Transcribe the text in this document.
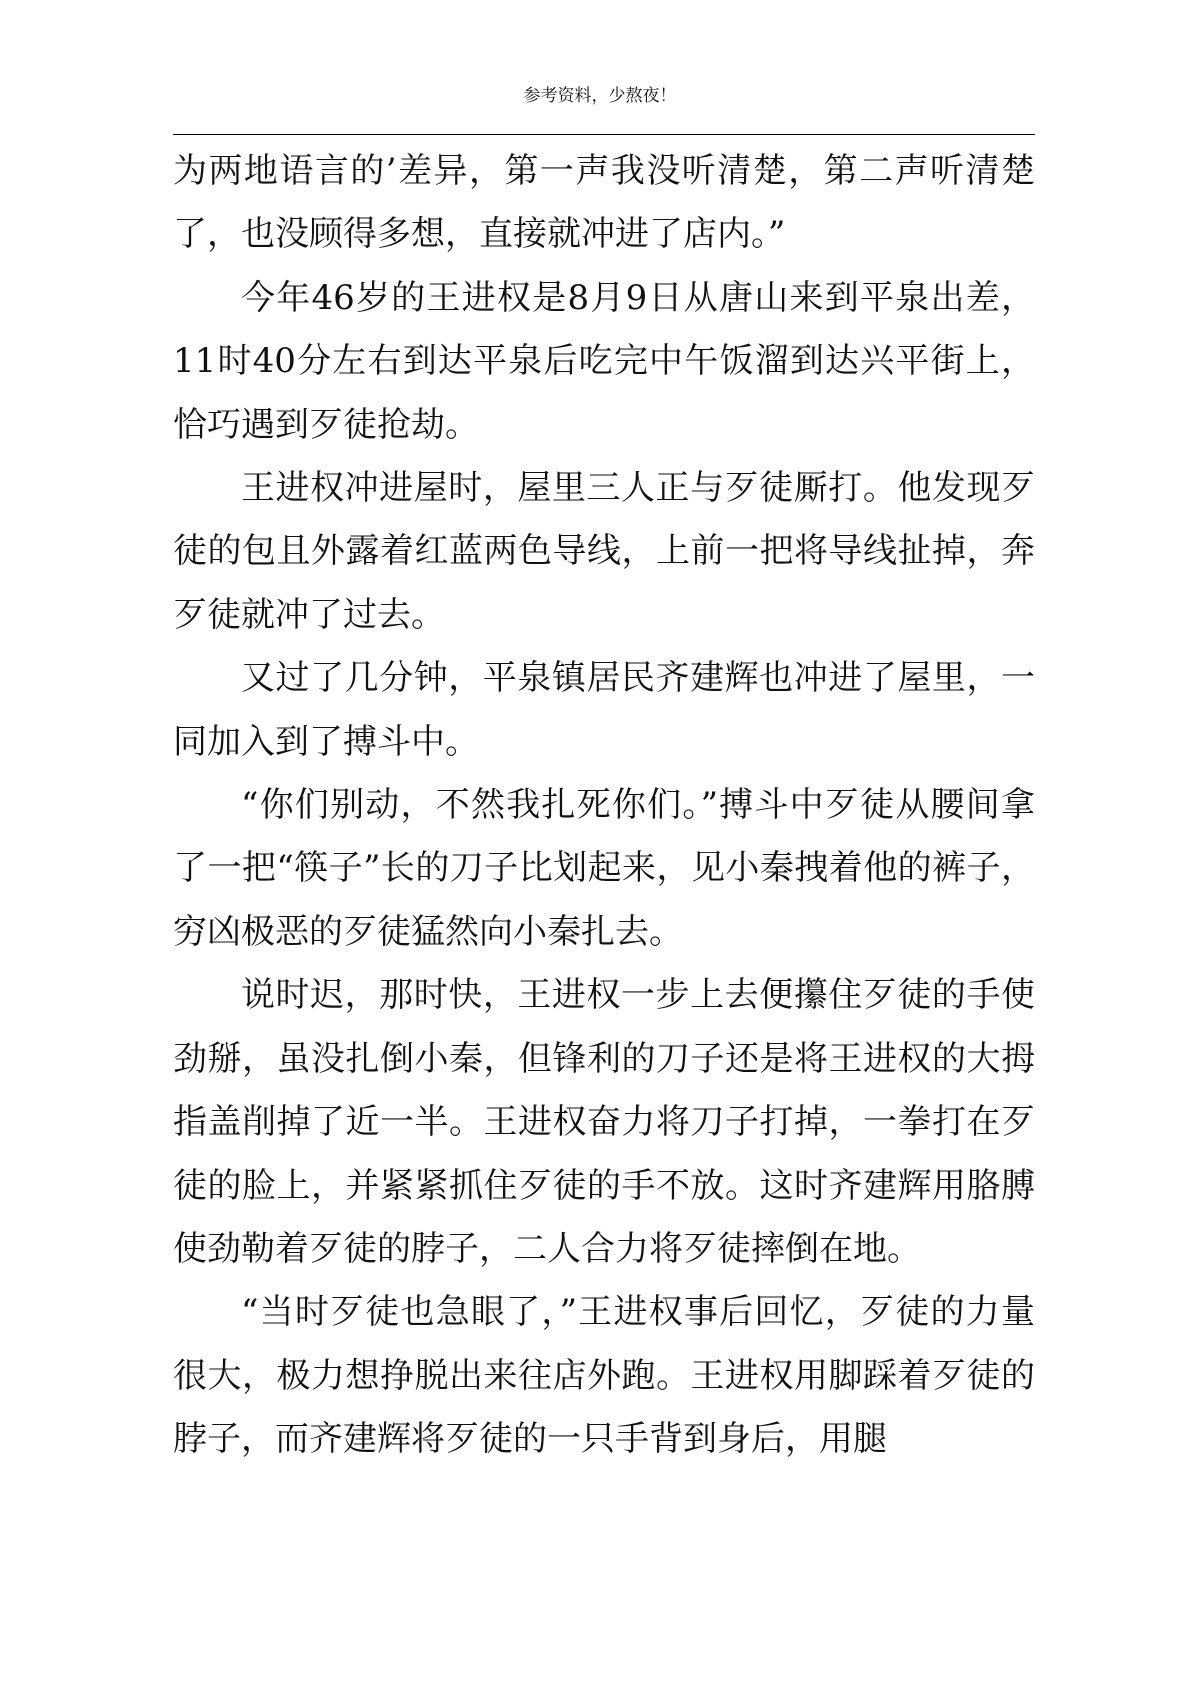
参考资料，少熬夜！

为两地语言的’差异，第一声我没听清楚，第二声听清楚了，也没顾得多想，直接就冲进了店内。”

今年46岁的王进权是8月9日从唐山来到平泉出差，11时40分左右到达平泉后吃完中午饭溜到达兴平街上，恰巧遇到歹徒抢劫。

王进权冲进屋时，屋里三人正与歹徒厮打。他发现歹徒的包且外露着红蓝两色导线，上前一把将导线扯掉，奔歹徒就冲了过去。

又过了几分钟，平泉镇居民齐建辉也冲进了屋里，一同加入到了搏斗中。

“你们别动，不然我扎死你们。”搏斗中歹徒从腰间拿了一把“筷子”长的刀子比划起来，见小秦拽着他的裤子，穷凶极恶的歹徒猛然向小秦扎去。

说时迟，那时快，王进权一步上去便攥住歹徒的手使劲掰，虽没扎倒小秦，但锋利的刀子还是将王进权的大拇指盖削掉了近一半。王进权奋力将刀子打掉，一拳打在歹徒的脸上，并紧紧抓住歹徒的手不放。这时齐建辉用胳膊使劲勒着歹徒的脖子，二人合力将歹徒摔倒在地。

“当时歹徒也急眼了，”王进权事后回忆，歹徒的力量很大，极力想挣脱出来往店外跑。王进权用脚踩着歹徒的脖子，而齐建辉将歹徒的一只手背到身后，用腿
